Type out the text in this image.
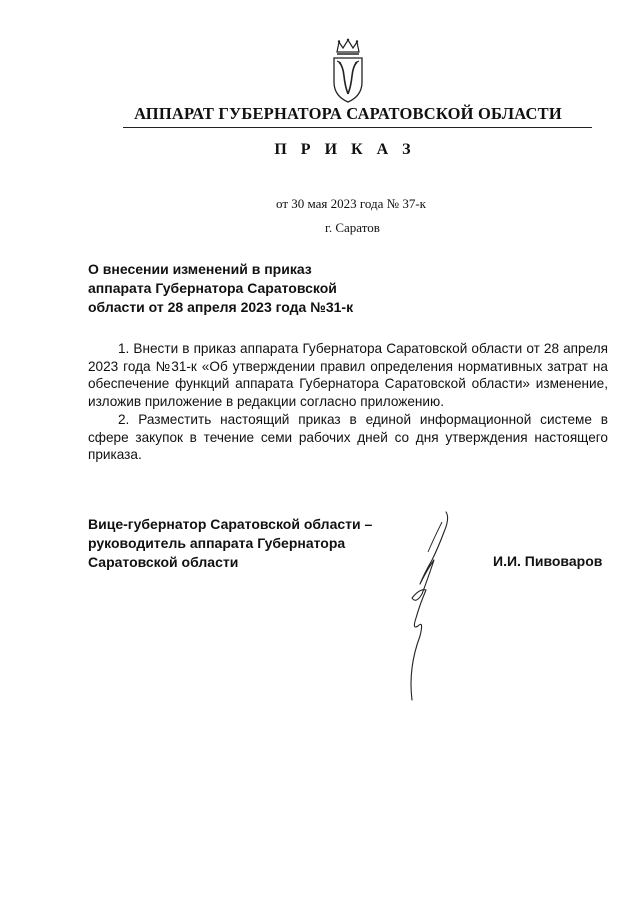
АППАРАТ ГУБЕРНАТОРА САРАТОВСКОЙ ОБЛАСТИ
П Р И К А З
от 30 мая 2023 года № 37-к
г. Саратов
О внесении изменений в приказ
аппарата Губернатора Саратовской
области от 28 апреля 2023 года №31-к

1. Внести в приказ аппарата Губернатора Саратовской области от 28 апреля 2023 года №31-к «Об утверждении правил определения нормативных затрат на обеспечение функций аппарата Губернатора Саратовской области» изменение, изложив приложение в редакции согласно приложению.

2. Разместить настоящий приказ в единой информационной системе в сфере закупок в течение семи рабочих дней со дня утверждения настоящего приказа.

Вице-губернатор Саратовской области –
руководитель аппарата Губернатора
Саратовской области	И.И. Пивоваров
